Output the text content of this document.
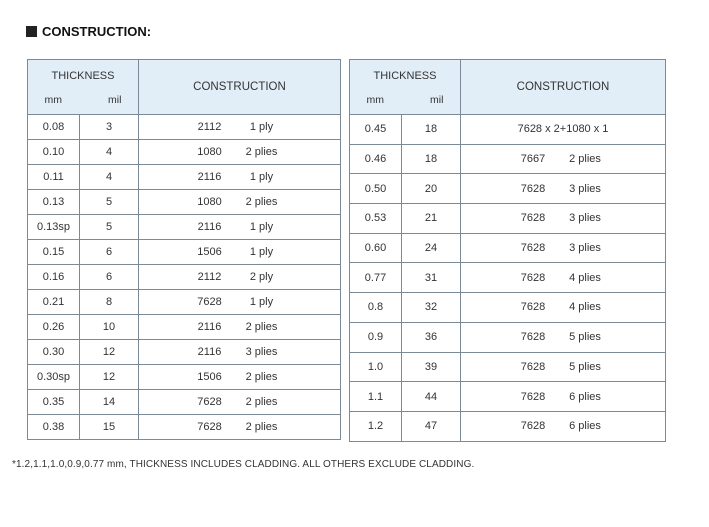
CONSTRUCTION:
THICKNESS
mm mil		CONSTRUCTION
0.08	3	2112 1 ply

0.10	4	1080 2 plies

0.11	4	2116 1 ply

0.13	5	1080 2 plies

0.13sp	5	2116 1 ply

0.15	6	1506 1 ply

0.16	6	2112 2 ply

0.21	8	7628 1 ply

0.26	10	2116 2 plies

0.30	12	2116 3 plies

0.30sp	12	1506 2 plies

0.35	14	7628 2 plies

0.38	15	7628 2 plies
THICKNESS
mm mil		CONSTRUCTION
0.45	18	7628 x 2+1080 x 1
0.46	18	7667 2 plies

0.50	20	7628 3 plies

0.53	21	7628 3 plies

0.60	24	7628 3 plies

0.77	31	7628 4 plies

0.8	32	7628 4 plies

0.9	36	7628 5 plies

1.0	39	7628 5 plies

1.1	44	7628 6 plies

1.2	47	7628 6 plies
*1.2,1.1,1.0,0.9,0.77 mm, THICKNESS INCLUDES CLADDING. ALL OTHERS EXCLUDE CLADDING.
